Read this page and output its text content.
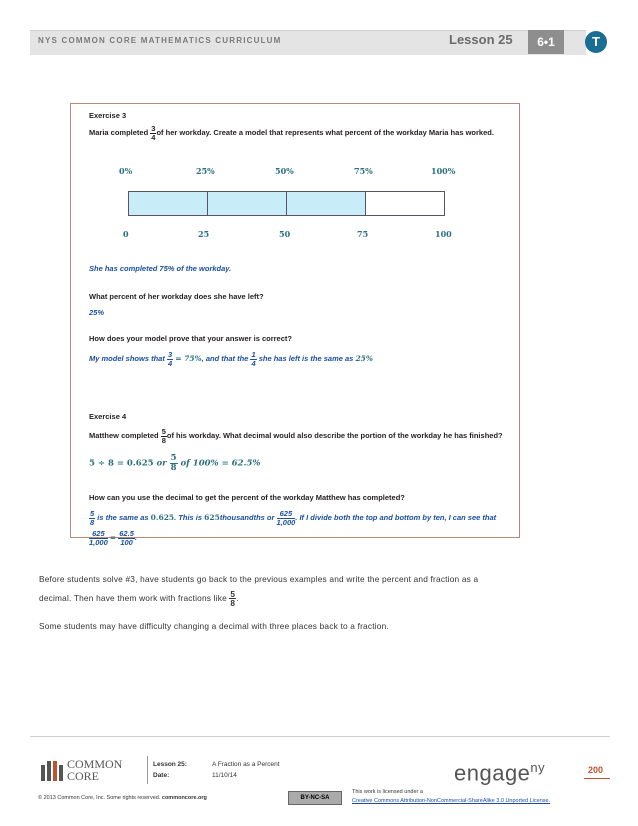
NYS COMMON CORE MATHEMATICS CURRICULUM	Lesson 25	6•1	T
Exercise 3
Maria completed $\frac{3}{4}$ of her workday. Create a model that represents what percent of the workday Maria has worked.
0%	25%	50%	75%	100%
0	25	50	75	100
She has completed 75% of the workday.
What percent of her workday does she have left?
25%
How does your model prove that your answer is correct?
My model shows that $\frac{3}{4} = 75\%$, and that the $\frac{1}{4}$ she has left is the same as 25%
Exercise 4
Matthew completed $\frac{5}{8}$ of his workday. What decimal would also describe the portion of the workday he has finished?
5 ÷ 8 = 0.625 or $\frac{5}{8}$ of 100% = 62.5%
How can you use the decimal to get the percent of the workday Matthew has completed?
$\frac{5}{8}$ is the same as 0.625. This is 625thousandths or $\frac{625}{1,000}$ . If I divide both the top and bottom by ten, I can see that
$\frac{625}{1,000} = \frac{62.5}{100}$ .
Before students solve #3, have students go back to the previous examples and write the percent and fraction as a
decimal. Then have them work with fractions like $\frac{5}{8}$ .
Some students may have difficulty changing a decimal with three places back to a fraction.
COMMON
CORE
Lesson 25:	A Fraction as a Percent
Date:	11/10/14	engage$^{ny}$	200
© 2013 Common Core, Inc. Some rights reserved. commoncore.org	BY-NC-SA
This work is licensed under a
Creative Commons Attribution-NonCommercial-ShareAlike 3.0 Unported License.
